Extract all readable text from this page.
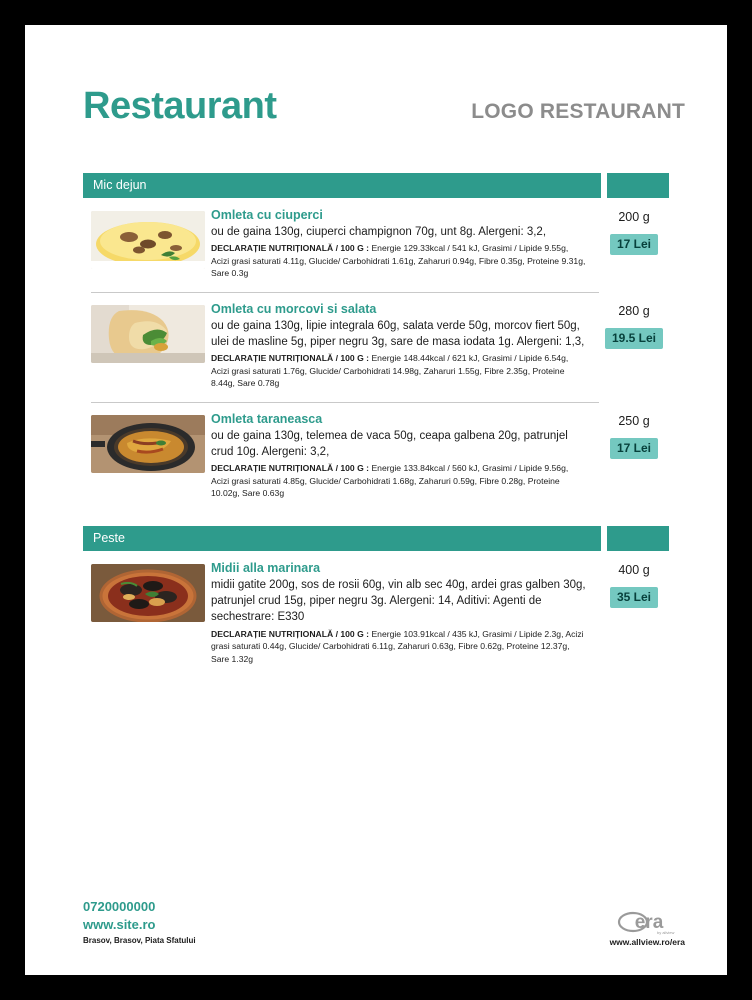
Restaurant	LOGO RESTAURANT
Mic dejun
Omleta cu ciuperci
ou de gaina 130g, ciuperci champignon 70g, unt 8g. Alergeni: 3,2,
DECLARAȚIE NUTRIȚIONALĂ / 100 G : Energie 129.33kcal / 541 kJ, Grasimi / Lipide 9.55g, Acizi grasi saturati 4.11g, Glucide/ Carbohidrati 1.61g, Zaharuri 0.94g, Fibre 0.35g, Proteine 9.31g, Sare 0.3g
200 g
17 Lei
Omleta cu morcovi si salata
ou de gaina 130g, lipie integrala 60g, salata verde 50g, morcov fiert 50g, ulei de masline 5g, piper negru 3g, sare de masa iodata 1g. Alergeni: 1,3,
DECLARAȚIE NUTRIȚIONALĂ / 100 G : Energie 148.44kcal / 621 kJ, Grasimi / Lipide 6.54g, Acizi grasi saturati 1.76g, Glucide/ Carbohidrati 14.98g, Zaharuri 1.55g, Fibre 2.35g, Proteine 8.44g, Sare 0.78g
280 g
19.5 Lei
Omleta taraneasca
ou de gaina 130g, telemea de vaca 50g, ceapa galbena 20g, patrunjel crud 10g. Alergeni: 3,2,
DECLARAȚIE NUTRIȚIONALĂ / 100 G : Energie 133.84kcal / 560 kJ, Grasimi / Lipide 9.56g, Acizi grasi saturati 4.85g, Glucide/ Carbohidrati 1.68g, Zaharuri 0.59g, Fibre 0.28g, Proteine 10.02g, Sare 0.63g
250 g
17 Lei
Peste
Midii alla marinara
midii gatite 200g, sos de rosii 60g, vin alb sec 40g, ardei gras galben 30g, patrunjel crud 15g, piper negru 3g. Alergeni: 14, Aditivi: Agenti de sechestrare: E330
DECLARAȚIE NUTRIȚIONALĂ / 100 G : Energie 103.91kcal / 435 kJ, Grasimi / Lipide 2.3g, Acizi grasi saturati 0.44g, Glucide/ Carbohidrati 6.11g, Zaharuri 0.63g, Fibre 0.62g, Proteine 12.37g, Sare 1.32g
400 g
35 Lei
0720000000
www.site.ro
Brasov, Brasov, Piata Sfatului
era
by allview
www.allview.ro/era
